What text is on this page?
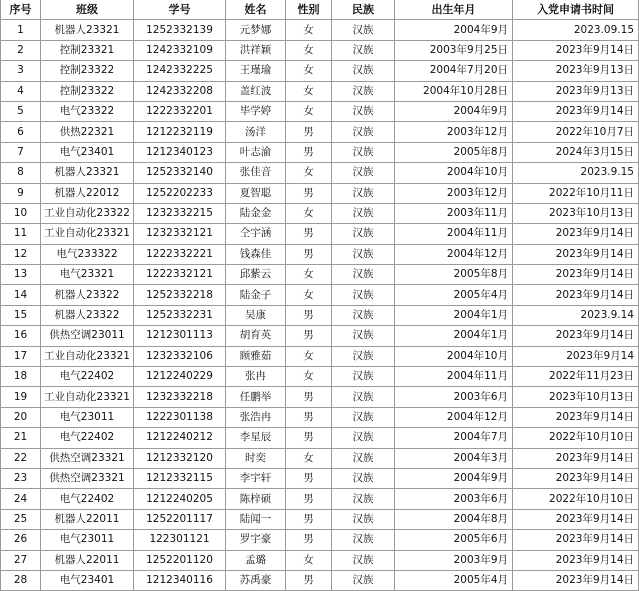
序号	班级	学号	姓名	性别	民族	出生年月	入党申请书时间
1	机器人23321	1252332139	元梦娜	女	汉族	2004年9月	2023.09.15
2	控制23321	1242332109	洪祥颖	女	汉族	2003年9月25日	2023年9月14日
3	控制23322	1242332225	王瑾瑜	女	汉族	2004年7月20日	2023年9月13日
4	控制23322	1242332208	盖红波	女	汉族	2004年10月28日	2023年9月13日
5	电气23322	1222332201	毕学婷	女	汉族	2004年9月	2023年9月14日
6	供热22321	1212232119	汤洋	男	汉族	2003年12月	2022年10月7日
7	电气23401	1212340123	叶志渝	男	汉族	2005年8月	2024年3月15日
8	机器人23321	1252332140	张佳音	女	汉族	2004年10月	2023.9.15
9	机器人22012	1252202233	夏智聪	男	汉族	2003年12月	2022年10月11日
10	工业自动化23322	1232332215	陆金金	女	汉族	2003年11月	2023年10月13日
11	工业自动化23321	1232332121	仝宇涵	男	汉族	2004年11月	2023年9月14日
12	电气233322	1222332221	钱森佳	男	汉族	2004年12月	2023年9月14日
13	电气23321	1222332121	邱紫云	女	汉族	2005年8月	2023年9月14日
14	机器人23322	1252332218	陆金子	女	汉族	2005年4月	2023年9月14日
15	机器人23322	1252332231	吴康	男	汉族	2004年1月	2023.9.14
16	供热空调23011	1212301113	胡育英	男	汉族	2004年1月	2023年9月14日
17	工业自动化23321	1232332106	顾雅茹	女	汉族	2004年10月	2023年9月14
18	电气22402	1212240229	张冉	女	汉族	2004年11月	2022年11月23日
19	工业自动化23321	1232332218	任鹏举	男	汉族	2003年6月	2023年10月13日
20	电气23011	1222301138	张浩冉	男	汉族	2004年12月	2023年9月14日
21	电气22402	1212240212	李星辰	男	汉族	2004年7月	2022年10月10日
22	供热空调23321	1212332120	时奕	女	汉族	2004年3月	2023年9月14日
23	供热空调23321	1212332115	李宇轩	男	汉族	2004年9月	2023年9月14日
24	电气22402	1212240205	陈梓硕	男	汉族	2003年6月	2022年10月10日
25	机器人22011	1252201117	陆闻一	男	汉族	2004年8月	2023年9月14日
26	电气23011	122301121	罗宇豪	男	汉族	2005年6月	2023年9月14日
27	机器人22011	1252201120	孟璐	女	汉族	2003年9月	2023年9月14日
28	电气23401	1212340116	苏禹豪	男	汉族	2005年4月	2023年9月14日
